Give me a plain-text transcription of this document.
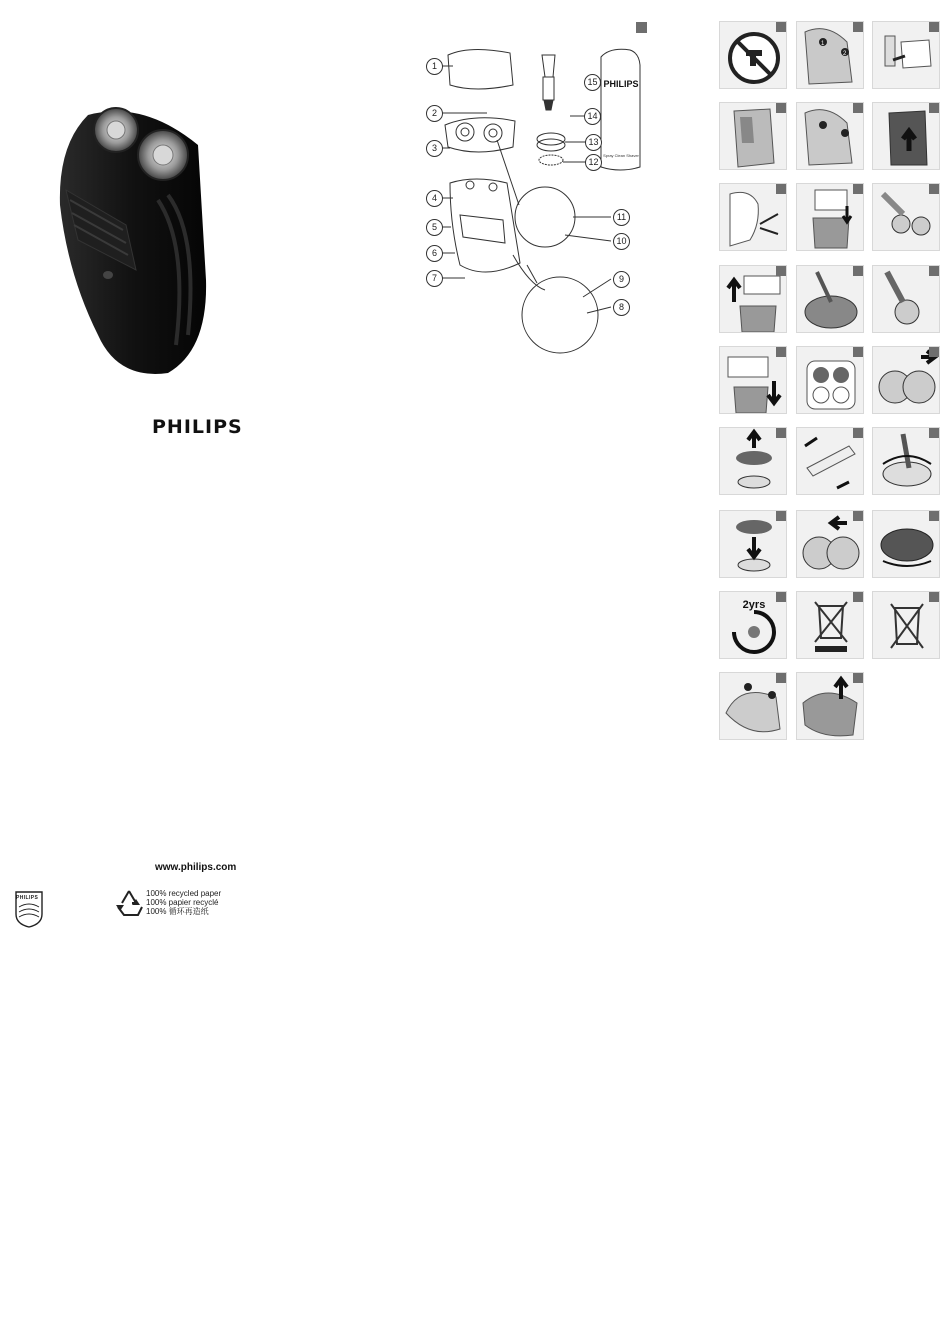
PHILIPS
www.philips.com
PHILIPS	100% recycled paper
100% papier recyclé
100% 循环再造纸
PHILIPS
Spray Clean Shaver
1
2
3
4
5
6
7
8
9
10
11
12
13
14
15
1
2
2yrs
